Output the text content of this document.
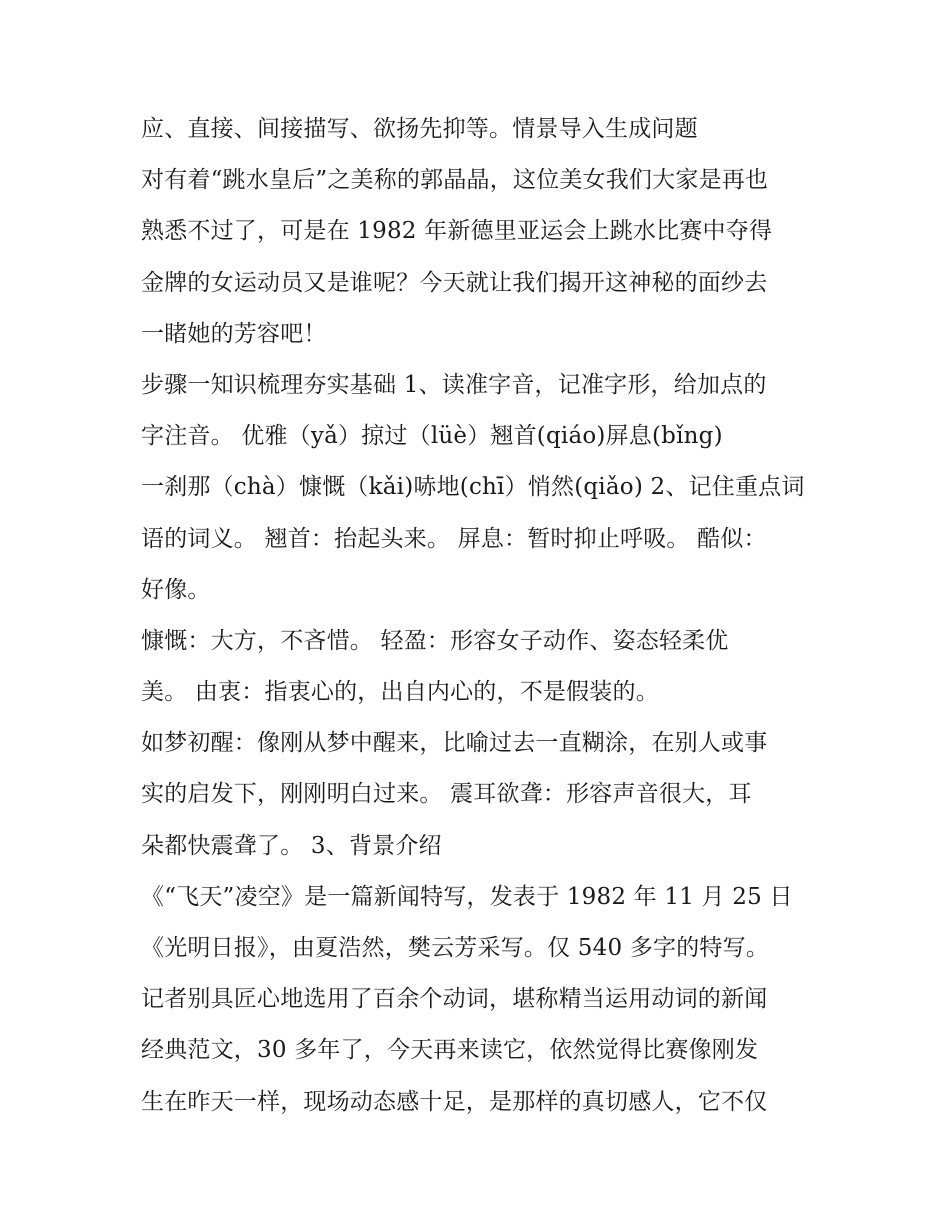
应、直接、间接描写、欲扬先抑等。情景导入生成问题
对有着“跳水皇后”之美称的郭晶晶，这位美女我们大家是再也
熟悉不过了，可是在 1982 年新德里亚运会上跳水比赛中夺得
金牌的女运动员又是谁呢？今天就让我们揭开这神秘的面纱去
一睹她的芳容吧！
步骤一知识梳理夯实基础 1、读准字音，记准字形，给加点的
字注音。 优雅（yǎ）掠过（lüè）翘首(qiáo)屏息(bǐng)
一刹那（chà）慷慨（kǎi)哧地(chī）悄然(qiǎo) 2、记住重点词
语的词义。 翘首：抬起头来。 屏息：暂时抑止呼吸。 酷似：
好像。
慷慨：大方，不吝惜。 轻盈：形容女子动作、姿态轻柔优
美。 由衷：指衷心的，出自内心的，不是假装的。
如梦初醒：像刚从梦中醒来，比喻过去一直糊涂，在别人或事
实的启发下，刚刚明白过来。 震耳欲聋：形容声音很大，耳
朵都快震聋了。 3、背景介绍
《“飞天”凌空》是一篇新闻特写，发表于 1982 年 11 月 25 日
《光明日报》，由夏浩然，樊云芳采写。仅 540 多字的特写。
记者别具匠心地选用了百余个动词，堪称精当运用动词的新闻
经典范文，30 多年了，今天再来读它，依然觉得比赛像刚发
生在昨天一样，现场动态感十足，是那样的真切感人，它不仅
